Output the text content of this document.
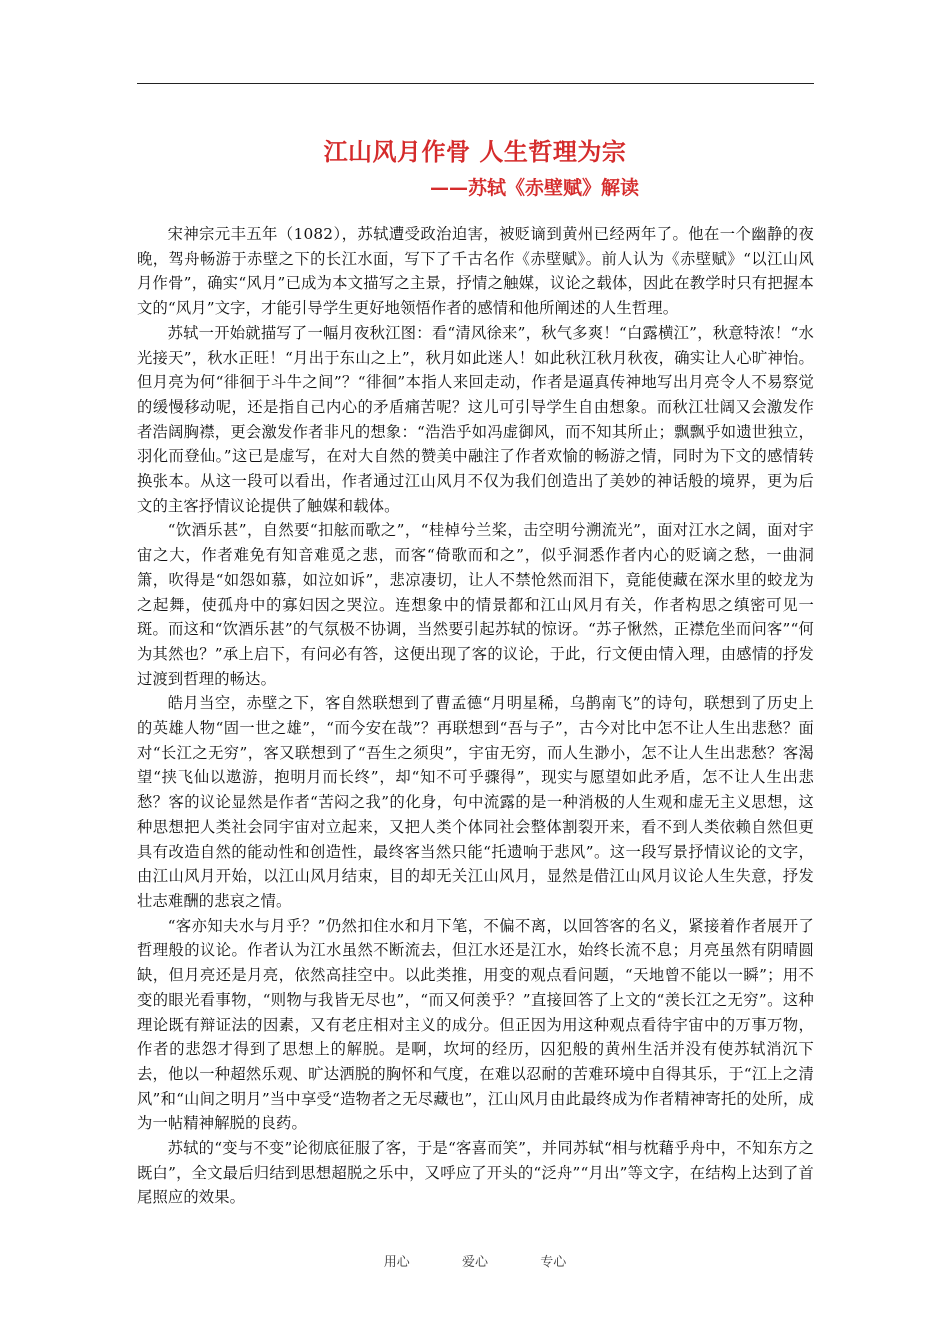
江山风月作骨 人生哲理为宗
——苏轼《赤壁赋》解读

宋神宗元丰五年（1082），苏轼遭受政治迫害，被贬谪到黄州已经两年了。他在一个幽静的夜晚，驾舟畅游于赤壁之下的长江水面，写下了千古名作《赤壁赋》。前人认为《赤壁赋》“以江山风月作骨”，确实“风月”已成为本文描写之主景，抒情之触媒，议论之载体，因此在教学时只有把握本文的“风月”文字，才能引导学生更好地领悟作者的感情和他所阐述的人生哲理。

苏轼一开始就描写了一幅月夜秋江图：看“清风徐来”，秋气多爽！“白露横江”，秋意特浓！“水光接天”，秋水正旺！“月出于东山之上”，秋月如此迷人！如此秋江秋月秋夜，确实让人心旷神怡。但月亮为何“徘徊于斗牛之间”？“徘徊”本指人来回走动，作者是逼真传神地写出月亮令人不易察觉的缓慢移动呢，还是指自己内心的矛盾痛苦呢？这儿可引导学生自由想象。而秋江壮阔又会激发作者浩阔胸襟，更会激发作者非凡的想象：“浩浩乎如冯虚御风，而不知其所止；飘飘乎如遗世独立，羽化而登仙。”这已是虚写，在对大自然的赞美中融注了作者欢愉的畅游之情，同时为下文的感情转换张本。从这一段可以看出，作者通过江山风月不仅为我们创造出了美妙的神话般的境界，更为后文的主客抒情议论提供了触媒和载体。

“饮酒乐甚”，自然要“扣舷而歌之”，“桂棹兮兰桨，击空明兮溯流光”，面对江水之阔，面对宇宙之大，作者难免有知音难觅之悲，而客“倚歌而和之”，似乎洞悉作者内心的贬谪之愁，一曲洞箫，吹得是“如怨如慕，如泣如诉”，悲凉凄切，让人不禁怆然而泪下，竟能使藏在深水里的蛟龙为之起舞，使孤舟中的寡妇因之哭泣。连想象中的情景都和江山风月有关，作者构思之缜密可见一斑。而这和“饮酒乐甚”的气氛极不协调，当然要引起苏轼的惊讶。“苏子愀然，正襟危坐而问客”“何为其然也？”承上启下，有问必有答，这便出现了客的议论，于此，行文便由情入理，由感情的抒发过渡到哲理的畅达。

皓月当空，赤壁之下，客自然联想到了曹孟德“月明星稀，乌鹊南飞”的诗句，联想到了历史上的英雄人物“固一世之雄”，“而今安在哉”？再联想到“吾与子”，古今对比中怎不让人生出悲愁？面对“长江之无穷”，客又联想到了“吾生之须臾”，宇宙无穷，而人生渺小，怎不让人生出悲愁？客渴望“挟飞仙以遨游，抱明月而长终”，却“知不可乎骤得”，现实与愿望如此矛盾，怎不让人生出悲愁？客的议论显然是作者“苦闷之我”的化身，句中流露的是一种消极的人生观和虚无主义思想，这种思想把人类社会同宇宙对立起来，又把人类个体同社会整体割裂开来，看不到人类依赖自然但更具有改造自然的能动性和创造性，最终客当然只能“托遗响于悲风”。这一段写景抒情议论的文字，由江山风月开始，以江山风月结束，目的却无关江山风月，显然是借江山风月议论人生失意，抒发壮志难酬的悲哀之情。

“客亦知夫水与月乎？”仍然扣住水和月下笔，不偏不离，以回答客的名义，紧接着作者展开了哲理般的议论。作者认为江水虽然不断流去，但江水还是江水，始终长流不息；月亮虽然有阴晴圆缺，但月亮还是月亮，依然高挂空中。以此类推，用变的观点看问题，“天地曾不能以一瞬”；用不变的眼光看事物，“则物与我皆无尽也”，“而又何羡乎？”直接回答了上文的“羡长江之无穷”。这种理论既有辩证法的因素，又有老庄相对主义的成分。但正因为用这种观点看待宇宙中的万事万物，作者的悲怨才得到了思想上的解脱。是啊，坎坷的经历，囚犯般的黄州生活并没有使苏轼消沉下去，他以一种超然乐观、旷达洒脱的胸怀和气度，在难以忍耐的苦难环境中自得其乐，于“江上之清风”和“山间之明月”当中享受“造物者之无尽藏也”，江山风月由此最终成为作者精神寄托的处所，成为一帖精神解脱的良药。

苏轼的“变与不变”论彻底征服了客，于是“客喜而笑”，并同苏轼“相与枕藉乎舟中，不知东方之既白”，全文最后归结到思想超脱之乐中，又呼应了开头的“泛舟”“月出”等文字，在结构上达到了首尾照应的效果。

用心  爱心  专心
